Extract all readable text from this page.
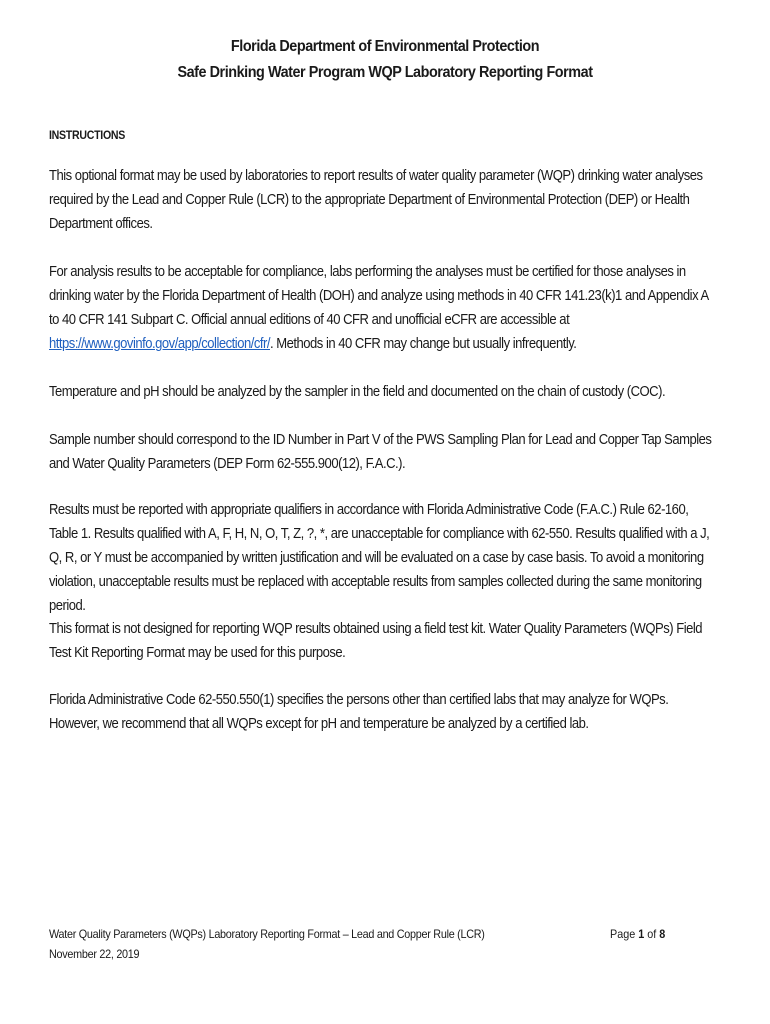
Florida Department of Environmental Protection
Safe Drinking Water Program WQP Laboratory Reporting Format
INSTRUCTIONS

This optional format may be used by laboratories to report results of water quality parameter (WQP) drinking water analyses required by the Lead and Copper Rule (LCR) to the appropriate Department of Environmental Protection (DEP) or Health Department offices.

For analysis results to be acceptable for compliance, labs performing the analyses must be certified for those analyses in drinking water by the Florida Department of Health (DOH) and analyze using methods in 40 CFR 141.23(k)1 and Appendix A to 40 CFR 141 Subpart C. Official annual editions of 40 CFR and unofficial eCFR are accessible at https://www.govinfo.gov/app/collection/cfr/. Methods in 40 CFR may change but usually infrequently.

Temperature and pH should be analyzed by the sampler in the field and documented on the chain of custody (COC).

Sample number should correspond to the ID Number in Part V of the PWS Sampling Plan for Lead and Copper Tap Samples and Water Quality Parameters (DEP Form 62-555.900(12), F.A.C.).

Results must be reported with appropriate qualifiers in accordance with Florida Administrative Code (F.A.C.) Rule 62-160, Table 1. Results qualified with A, F, H, N, O, T, Z, ?, *, are unacceptable for compliance with 62-550. Results qualified with a J, Q, R, or Y must be accompanied by written justification and will be evaluated on a case by case basis. To avoid a monitoring violation, unacceptable results must be replaced with acceptable results from samples collected during the same monitoring period.

This format is not designed for reporting WQP results obtained using a field test kit. Water Quality Parameters (WQPs) Field Test Kit Reporting Format may be used for this purpose.

Florida Administrative Code 62-550.550(1) specifies the persons other than certified labs that may analyze for WQPs. However, we recommend that all WQPs except for pH and temperature be analyzed by a certified lab.

Water Quality Parameters (WQPs) Laboratory Reporting Format – Lead and Copper Rule (LCR)
November 22, 2019
Page 1 of 8
